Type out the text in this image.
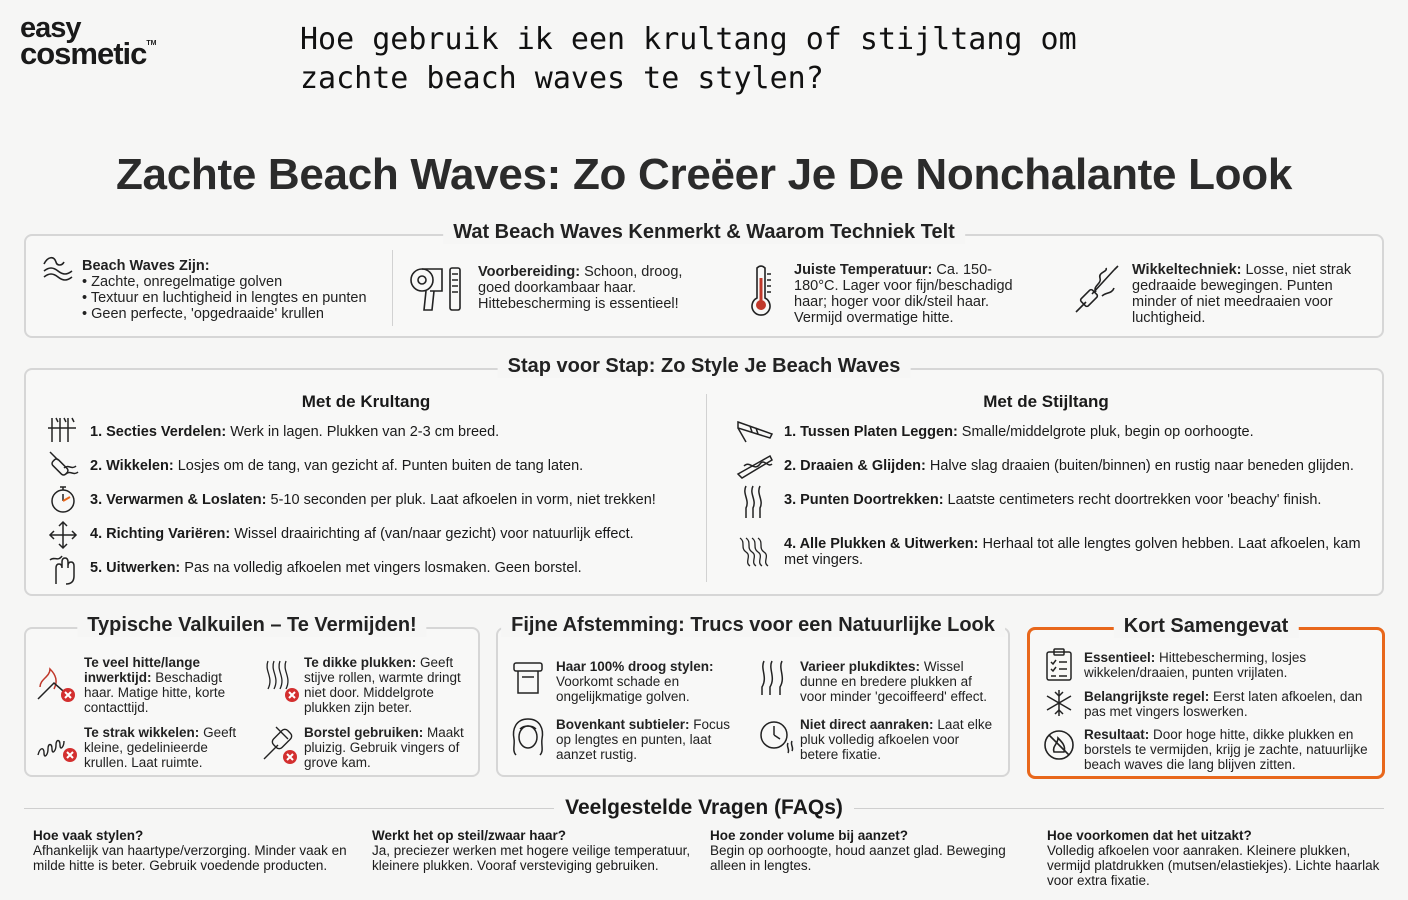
easy
cosmetic™	Hoe gebruik ik een krultang of stijltang om zachte beach waves te stylen?
Zachte Beach Waves: Zo Creëer Je De Nonchalante Look
Wat Beach Waves Kenmerkt & Waarom Techniek Telt
Beach Waves Zijn:
• Zachte, onregelmatige golven
• Textuur en luchtigheid in lengtes en punten
• Geen perfecte, 'opgedraaide' krullen
Voorbereiding: Schoon, droog, goed doorkambaar haar. Hittebescherming is essentieel!
Juiste Temperatuur: Ca. 150-180°C. Lager voor fijn/beschadigd haar; hoger voor dik/steil haar. Vermijd overmatige hitte.
Wikkeltechniek: Losse, niet strak gedraaide bewegingen. Punten minder of niet meedraaien voor luchtigheid.
Stap voor Stap: Zo Style Je Beach Waves
Met de Krultang	Met de Stijltang
1. Secties Verdelen: Werk in lagen. Plukken van 2-3 cm breed.
2. Wikkelen: Losjes om de tang, van gezicht af. Punten buiten de tang laten.
3. Verwarmen & Loslaten: 5-10 seconden per pluk. Laat afkoelen in vorm, niet trekken!
4. Richting Variëren: Wissel draairichting af (van/naar gezicht) voor natuurlijk effect.
5. Uitwerken: Pas na volledig afkoelen met vingers losmaken. Geen borstel.
1. Tussen Platen Leggen: Smalle/middelgrote pluk, begin op oorhoogte.
2. Draaien & Glijden: Halve slag draaien (buiten/binnen) en rustig naar beneden glijden.
3. Punten Doortrekken: Laatste centimeters recht doortrekken voor 'beachy' finish.
4. Alle Plukken & Uitwerken: Herhaal tot alle lengtes golven hebben. Laat afkoelen, kam met vingers.
Typische Valkuilen – Te Vermijden!
Te veel hitte/lange inwerktijd: Beschadigt haar. Matige hitte, korte contacttijd.
Te dikke plukken: Geeft stijve rollen, warmte dringt niet door. Middelgrote plukken zijn beter.
Te strak wikkelen: Geeft kleine, gedelinieerde krullen. Laat ruimte.
Borstel gebruiken: Maakt pluizig. Gebruik vingers of grove kam.
Fijne Afstemming: Trucs voor een Natuurlijke Look
Haar 100% droog stylen: Voorkomt schade en ongelijkmatige golven.
Varieer plukdiktes: Wissel dunne en bredere plukken af voor minder 'gecoiffeerd' effect.
Bovenkant subtieler: Focus op lengtes en punten, laat aanzet rustig.
Niet direct aanraken: Laat elke pluk volledig afkoelen voor betere fixatie.
Kort Samengevat
Essentieel: Hittebescherming, losjes wikkelen/draaien, punten vrijlaten.
Belangrijkste regel: Eerst laten afkoelen, dan pas met vingers loswerken.
Resultaat: Door hoge hitte, dikke plukken en borstels te vermijden, krijg je zachte, natuurlijke beach waves die lang blijven zitten.
Veelgestelde Vragen (FAQs)
Hoe vaak stylen?
Afhankelijk van haartype/verzorging. Minder vaak en milde hitte is beter. Gebruik voedende producten.
Werkt het op steil/zwaar haar?
Ja, preciezer werken met hogere veilige temperatuur, kleinere plukken. Vooraf versteviging gebruiken.
Hoe zonder volume bij aanzet?
Begin op oorhoogte, houd aanzet glad. Beweging alleen in lengtes.
Hoe voorkomen dat het uitzakt?
Volledig afkoelen voor aanraken. Kleinere plukken, vermijd platdrukken (mutsen/elastiekjes). Lichte haarlak voor extra fixatie.
